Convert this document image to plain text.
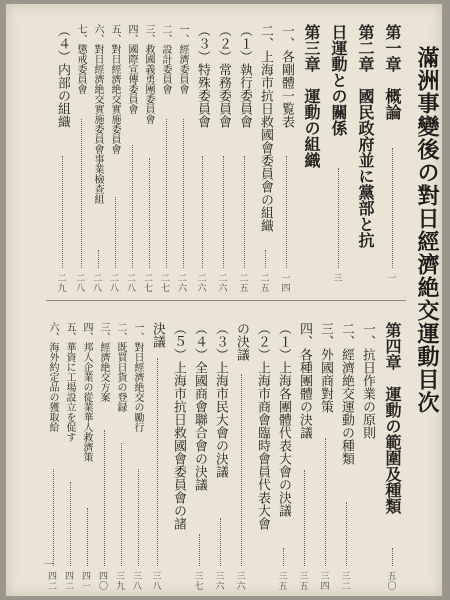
滿洲事變後の對日經濟絶交運動目次
第一章　概論
一
第二章　國民政府並に黨部と抗
日運動との關係
三
第三章　運動の組織
一、各剛體一覧表
一四
二、上海市抗日救國會委員會の組織
二五
（１）執行委員會
二五
（２）常務委員會
二六
（３）特殊委員會
二六
一、經濟委員會
二六
二、設計委員會
二七
三、救國義勇團委員會
二七
四、國際宣傳委員會
二八
五、對日經濟絶交實施委員會
二八
六、對日經濟絶交實施委員會事業檢查組
二八
七、懲戒委員會
二八
（４）内部の組織
二九
第四章　運動の範圍及種類
五〇
一、抗日作業の原則
二、經濟絶交運動の種類
三二
三、外國商對策
三四
四、各種團體の決議
三五
（１）上海各團體代表大會の決議
三五
（２）上海市商會臨時會員代表大會
の決議
三六
（３）上海市民大會の決議
三六
（４）全國商會聯合會の決議
三七
（５）上海市抗日救國會委員會の諸
決議
三八
一、對日經濟絶交の勵行
三八
二、既買日貨の登録
三九
三、經濟絶交方案
四〇
四、邦人企業の從業華人救濟策
四一
五、華資に工場設立を促す
四二
六、海外約定品の獲取給
四二
一
